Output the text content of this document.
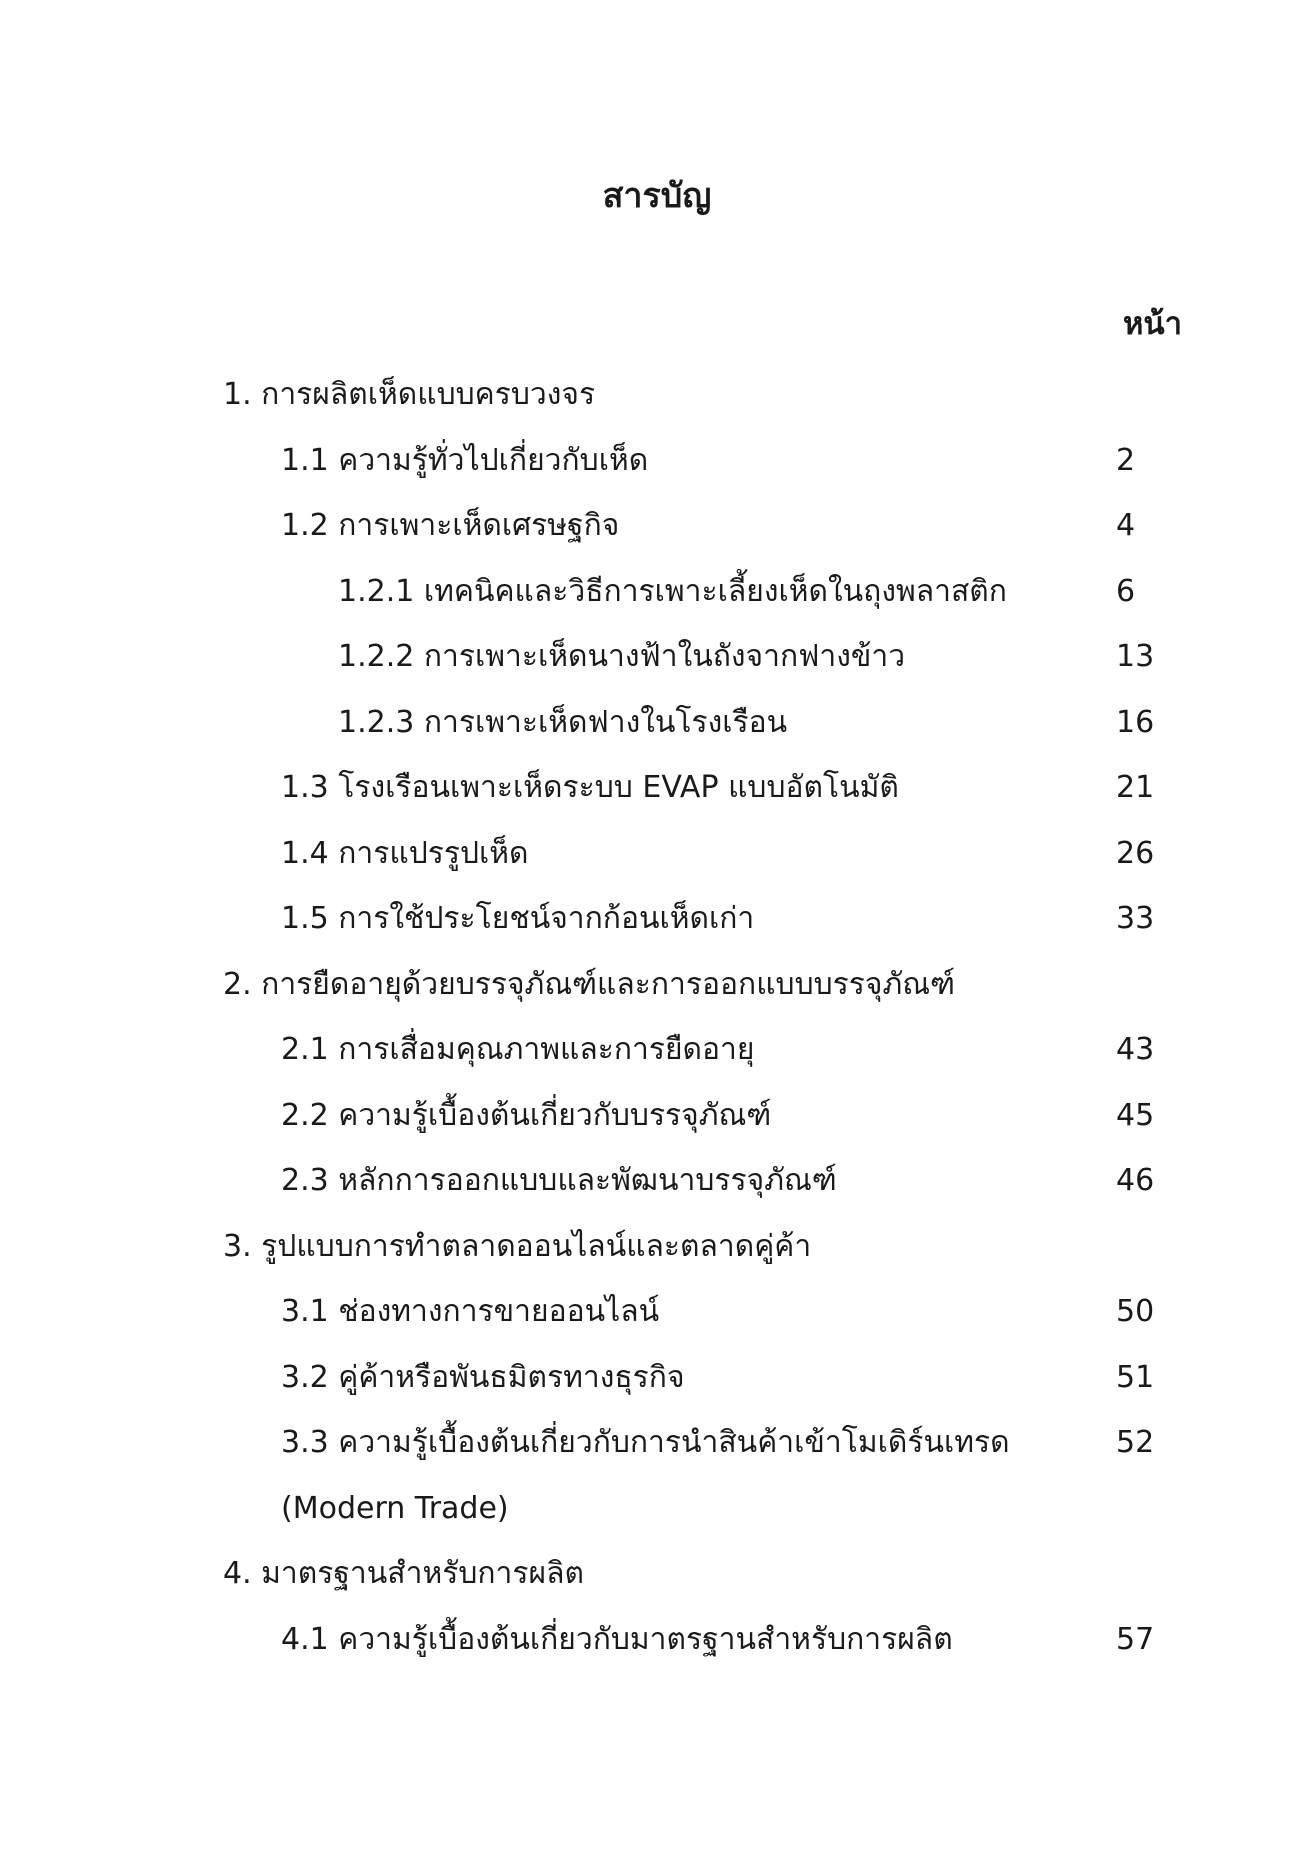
สารบัญ
หน้า
1. การผลิตเห็ดแบบครบวงจร
1.1 ความรู้ทั่วไปเกี่ยวกับเห็ด	2
1.2 การเพาะเห็ดเศรษฐกิจ	4
1.2.1 เทคนิคและวิธีการเพาะเลี้ยงเห็ดในถุงพลาสติก	6
1.2.2 การเพาะเห็ดนางฟ้าในถังจากฟางข้าว	13
1.2.3 การเพาะเห็ดฟางในโรงเรือน	16
1.3 โรงเรือนเพาะเห็ดระบบ EVAP แบบอัตโนมัติ	21
1.4 การแปรรูปเห็ด	26
1.5 การใช้ประโยชน์จากก้อนเห็ดเก่า	33
2. การยืดอายุด้วยบรรจุภัณฑ์และการออกแบบบรรจุภัณฑ์
2.1 การเสื่อมคุณภาพและการยืดอายุ	43
2.2 ความรู้เบื้องต้นเกี่ยวกับบรรจุภัณฑ์	45
2.3 หลักการออกแบบและพัฒนาบรรจุภัณฑ์	46
3. รูปแบบการทำตลาดออนไลน์และตลาดคู่ค้า
3.1 ช่องทางการขายออนไลน์	50
3.2 คู่ค้าหรือพันธมิตรทางธุรกิจ	51
3.3 ความรู้เบื้องต้นเกี่ยวกับการนำสินค้าเข้าโมเดิร์นเทรด	52
(Modern Trade)
4. มาตรฐานสำหรับการผลิต
4.1 ความรู้เบื้องต้นเกี่ยวกับมาตรฐานสำหรับการผลิต	57
